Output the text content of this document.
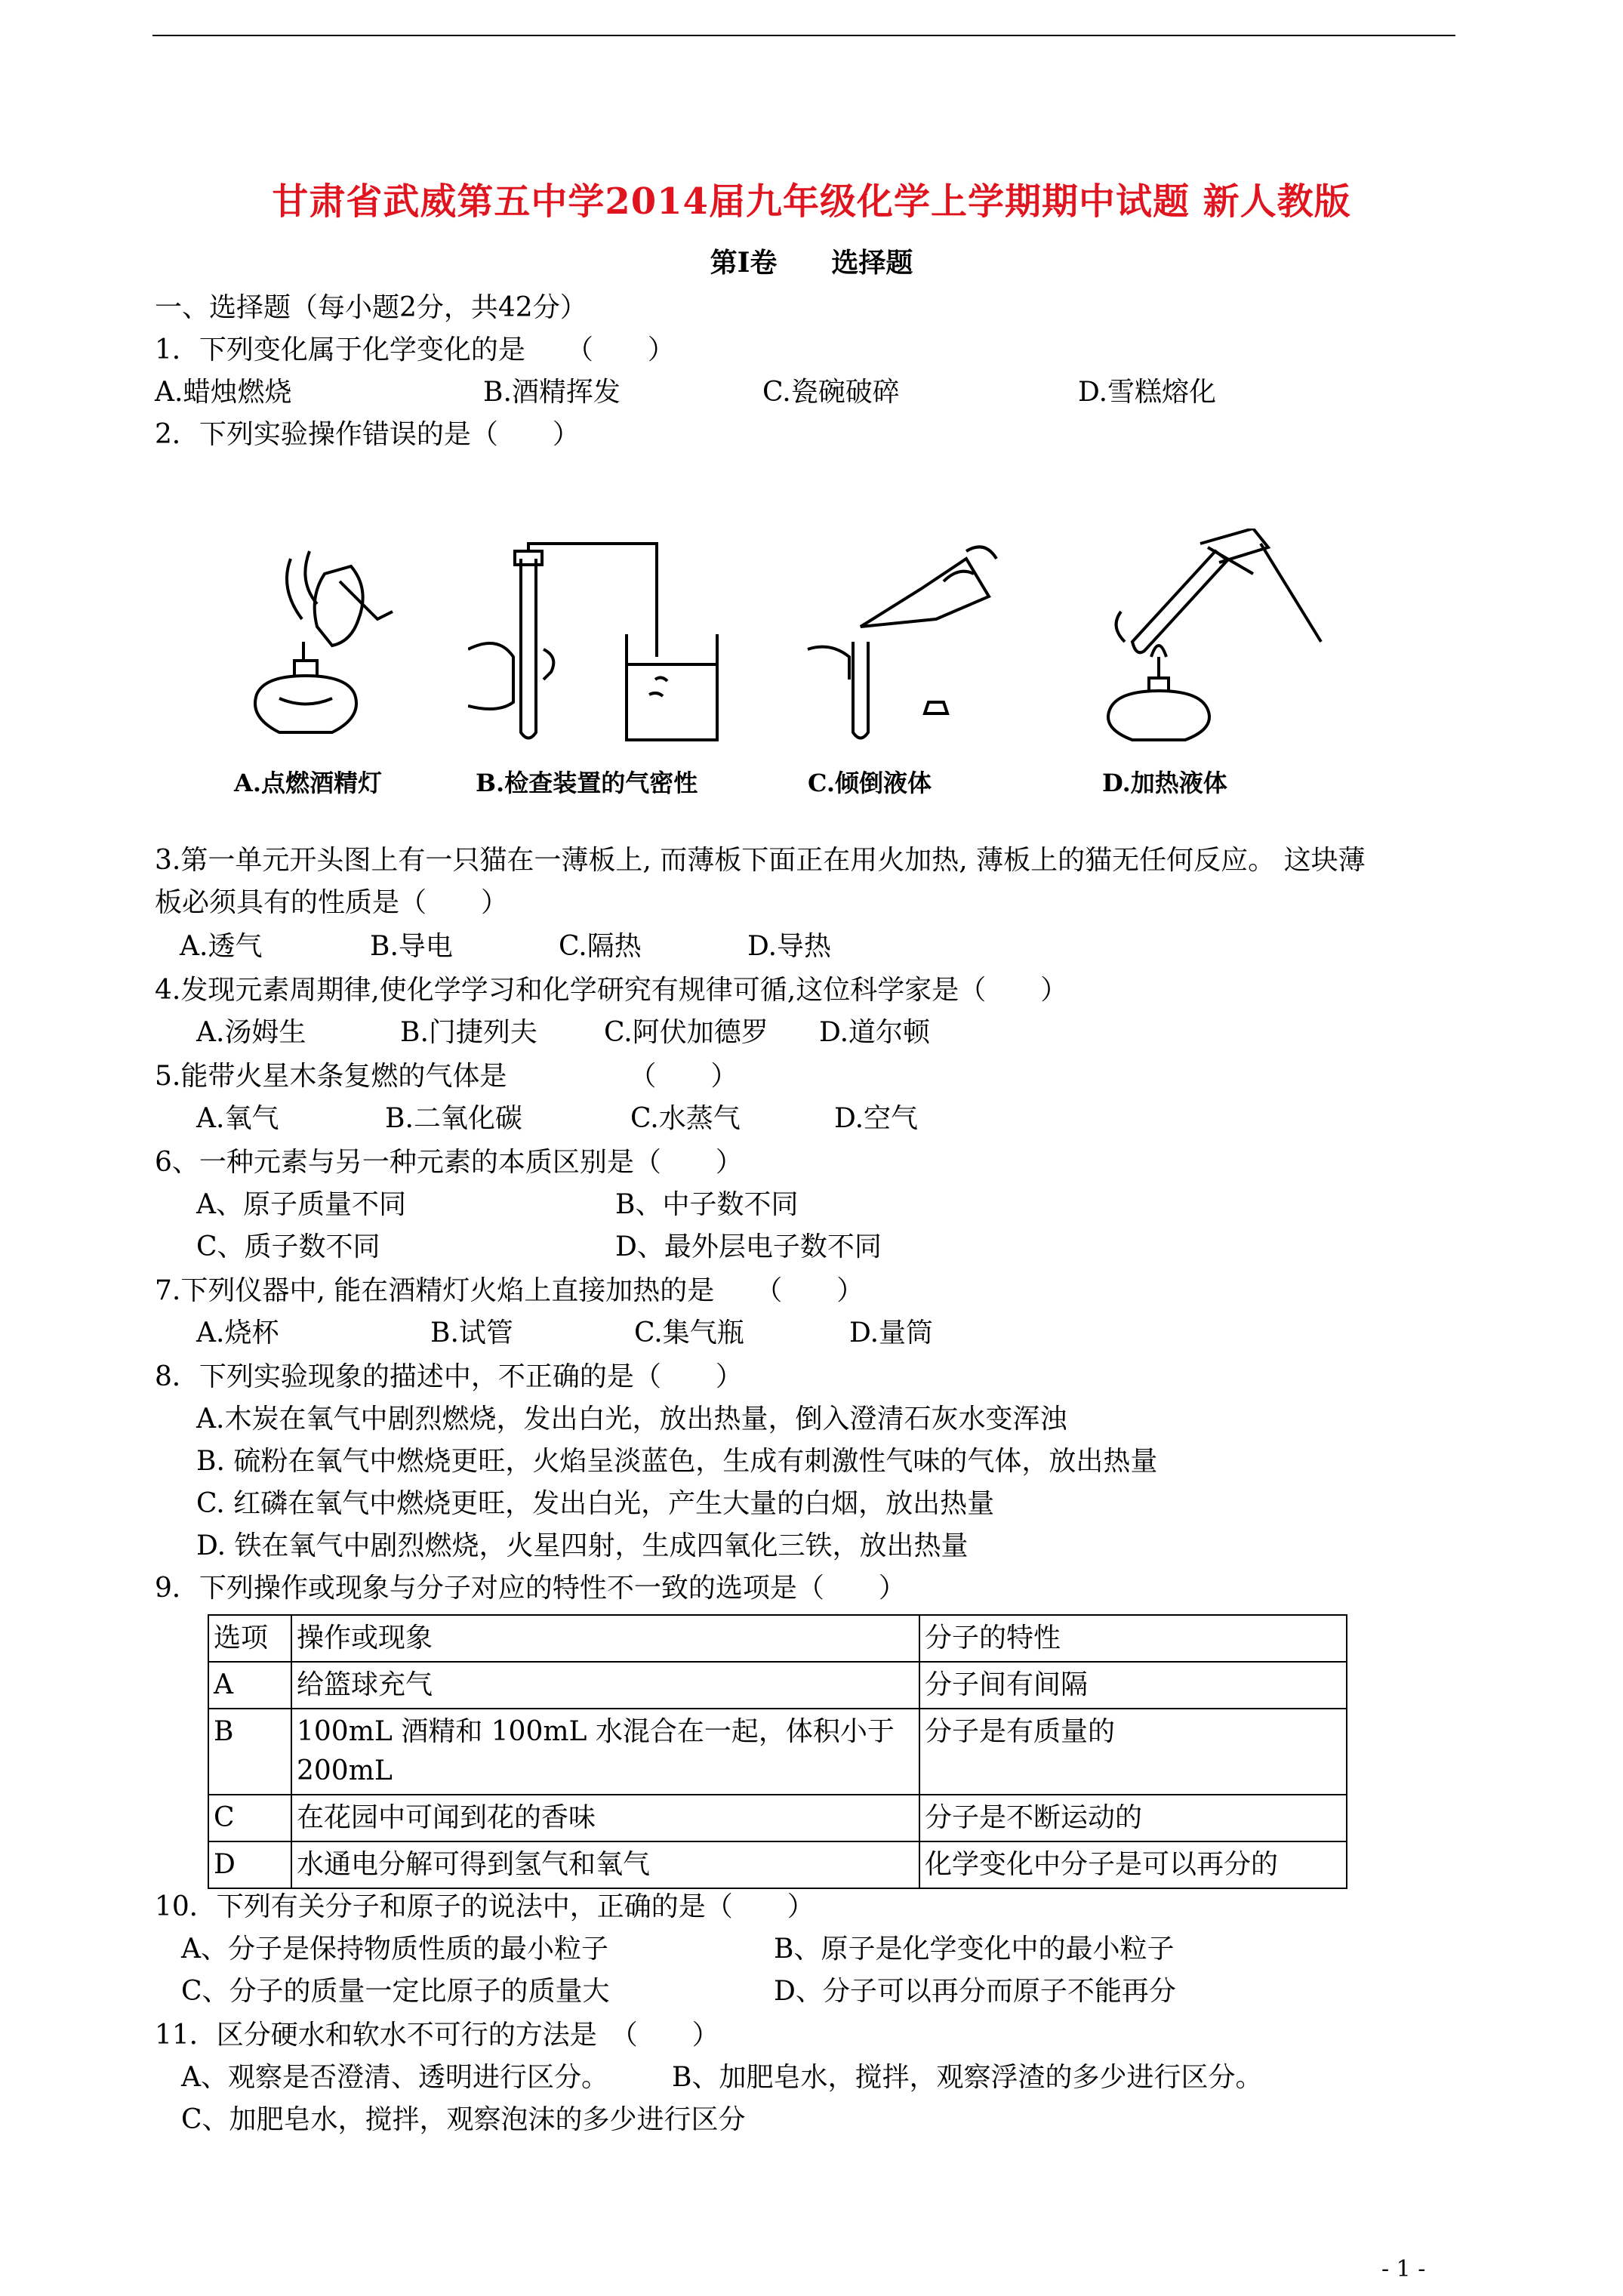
甘肃省武威第五中学2014届九年级化学上学期期中试题 新人教版
第Ⅰ卷　　选择题
一、选择题（每小题2分，共42分）
1．下列变化属于化学变化的是　　（　　）
A.蜡烛燃烧	B.酒精挥发	C.瓷碗破碎	D.雪糕熔化
2．下列实验操作错误的是（　　）
A.点燃酒精灯	B.检查装置的气密性	C.倾倒液体	D.加热液体
3.第一单元开头图上有一只猫在一薄板上, 而薄板下面正在用火加热, 薄板上的猫无任何反应。 这块薄
板必须具有的性质是（　　）
A.透气	B.导电	C.隔热	D.导热
4.发现元素周期律,使化学学习和化学研究有规律可循,这位科学家是（　　）
A.汤姆生	B.门捷列夫 C.阿伏加德罗 D.道尔顿
5.能带火星木条复燃的气体是　　　　　（　　）
A.氧气	B.二氧化碳	C.水蒸气	D.空气
6、一种元素与另一种元素的本质区别是（　　）
A、原子质量不同	B、中子数不同
C、质子数不同	D、最外层电子数不同
7.下列仪器中, 能在酒精灯火焰上直接加热的是　　（　　）
A.烧杯	B.试管	C.集气瓶	D.量筒
8．下列实验现象的描述中，不正确的是（　　）
A.木炭在氧气中剧烈燃烧，发出白光，放出热量，倒入澄清石灰水变浑浊
B. 硫粉在氧气中燃烧更旺，火焰呈淡蓝色，生成有刺激性气味的气体，放出热量
C. 红磷在氧气中燃烧更旺，发出白光，产生大量的白烟，放出热量
D. 铁在氧气中剧烈燃烧，火星四射，生成四氧化三铁，放出热量
9．下列操作或现象与分子对应的特性不一致的选项是（　　）
选项	操作或现象	分子的特性
A	给篮球充气	分子间有间隔
B	100mL 酒精和 100mL 水混合在一起，体积小于200mL	分子是有质量的
C	在花园中可闻到花的香味	分子是不断运动的
D	水通电分解可得到氢气和氧气	化学变化中分子是可以再分的
10．下列有关分子和原子的说法中，正确的是（　　）
A、分子是保持物质性质的最小粒子	B、原子是化学变化中的最小粒子
C、分子的质量一定比原子的质量大	D、分子可以再分而原子不能再分
11．区分硬水和软水不可行的方法是　（　　）
A、观察是否澄清、透明进行区分。 B、加肥皂水，搅拌，观察浮渣的多少进行区分。
C、加肥皂水，搅拌，观察泡沫的多少进行区分
- 1 -
